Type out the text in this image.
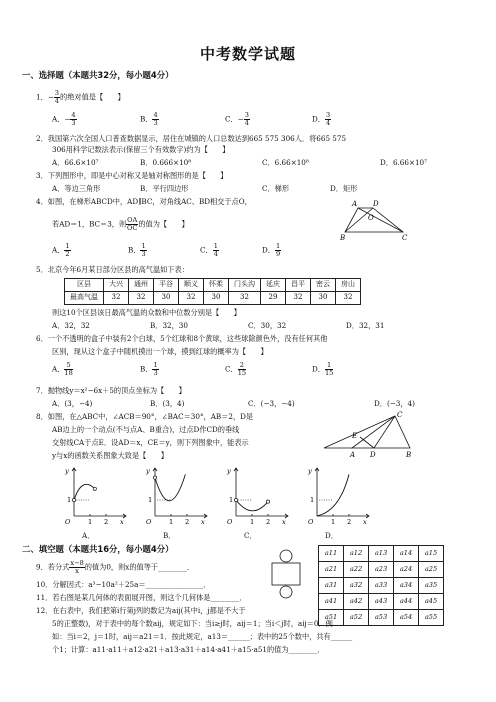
中考数学试题
一、选择题（本题共32分，每小题4分）
1．− $\frac{3}{4}$ 的绝对值是【　　】
A．− $\frac{4}{3}$	B． $\frac{4}{3}$	C．− $\frac{3}{4}$	D． $\frac{3}{4}$
2．我国第六次全国人口普查数据显示，居住在城镇的人口总数达到665 575 306人．将665 575
306用科学记数法表示(保留三个有效数字)约为【　　】
A．66.6×10⁷	B．0.666×10⁸	C．6.66×10⁸	D．6.66×10⁷
3．下列图形中，即是中心对称又是轴对称图形的是【　　】
A．等边三角形	B．平行四边形	C．梯形	D．矩形
4．如图，在梯形ABCD中，AD∥BC，对角线AC、BD相交于点O，
若AD＝1，BC＝3，则 $\frac{OA}{OC}$ 的值为【　　】
A． $\frac{1}{2}$	B． $\frac{1}{3}$	C． $\frac{1}{4}$	D． $\frac{1}{9}$
A D
O
B	C
5．北京今年6月某日部分区县的高气温如下表：
区县	大兴	通州	平谷	顺义	怀柔	门头沟	延庆	昌平	密云	房山
最高气温	32	32	30	32	30	32	29	32	30	32
则这10个区县该日最高气温的众数和中位数分别是【　　】
A．32，32	B．32，30	C．30，32	D．32，31
6．一个不透明的盒子中装有2个白球，5个红球和8个黄球，这些球除颜色外，没有任何其他
区别，现从这个盒子中随机摸出一个球，摸到红球的概率为【　　】
A． $\frac{5}{18}$	B． $\frac{1}{3}$	C． $\frac{2}{15}$	D． $\frac{1}{15}$
7．抛物线y＝x²−6x＋5的顶点坐标为【　　】
A．(3，−4)	B．(3，4)	C．(−3，−4)	D．(−3，4)
8．如图，在△ABC中，∠ACB＝90°，∠BAC＝30°，AB＝2，D是
AB边上的一个动点(不与点A、B重合)，过点D作CD的垂线
交射线CA于点E．设AD＝x，CE＝y，则下列图象中，能表示
y与x的函数关系图象大致是【　　】
C
E
A D	B
y
x
O
1
1 2
y
x
O
1
1 2
y
x
O
1
1 2
y
x
O
1
1 2
A．	B．	C．	D．
二、填空题（本题共16分，每小题4分）
9．若分式 $\frac{x-8}{x}$ 的值为0，则x的值等于________．
a11	a12	a13	a14	a15
a21	a22	a23	a24	a25
a31	a32	a33	a34	a35
a41	a42	a43	a44	a45
a51	a52	a53	a54	a55
10．分解因式：a³−10a²＋25a＝________________．
11．若右图是某几何体的表面展开图，则这个几何体是________．
12．在右表中，我们把第i行第j列的数记为aij(其中i，j都是不大于
5的正整数)，对于表中的每个数aij，规定如下：当i≥j时，aij＝1；当i＜j时，aij＝0．例
如：当i＝2，j＝1时，aij＝a21＝1．按此规定，a13＝______；表中的25个数中，共有______
个1；计算：a11·a11＋a12·a21＋a13·a31＋a14·a41＋a15·a51的值为________．
